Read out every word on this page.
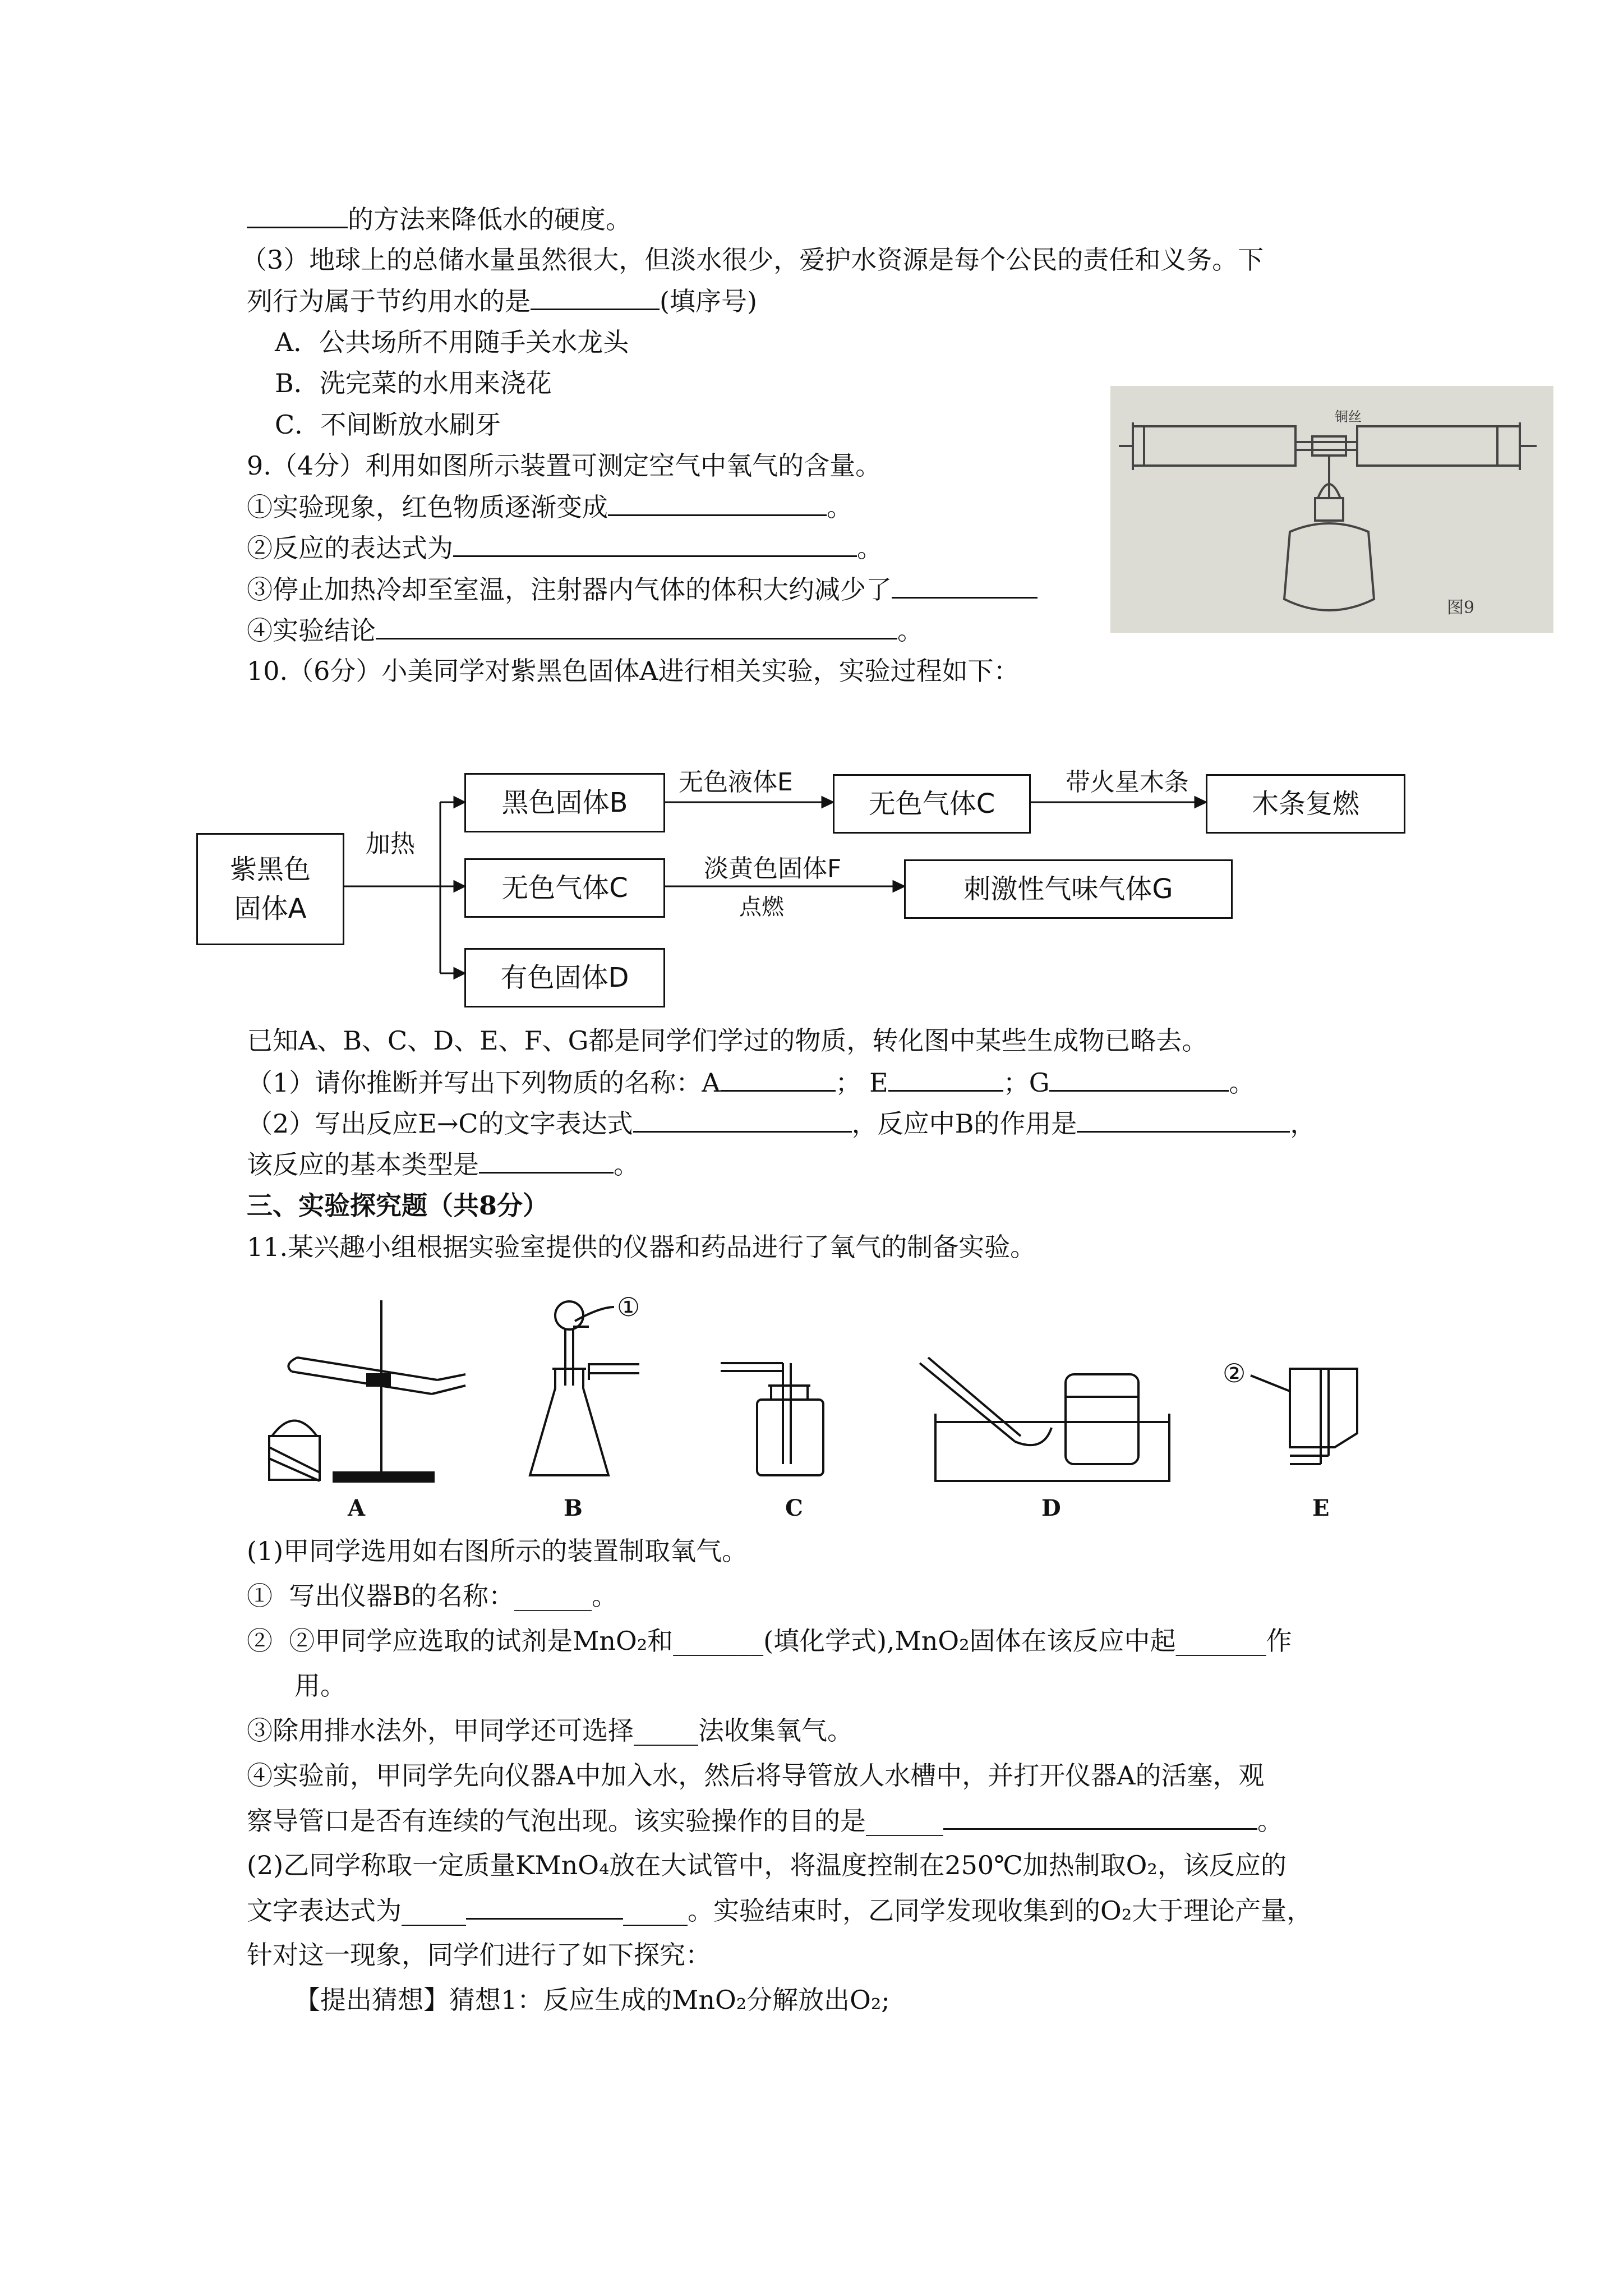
的方法来降低水的硬度。
（3）地球上的总储水量虽然很大，但淡水很少，爱护水资源是每个公民的责任和义务。下
列行为属于节约用水的是	(填序号)
A．公共场所不用随手关水龙头
B．洗完菜的水用来浇花
C．不间断放水刷牙
9.（4分）利用如图所示装置可测定空气中氧气的含量。
①实验现象，红色物质逐渐变成	。
②反应的表达式为	。
③停止加热冷却至室温，注射器内气体的体积大约减少了
④实验结论	。
铜丝
图9
10.（6分）小美同学对紫黑色固体A进行相关实验，实验过程如下：
紫黑色
固体A
加热
黑色固体B
无色液体E
无色气体C
带火星木条
木条复燃
无色气体C
淡黄色固体F
点燃
刺激性气味气体G
有色固体D
已知A、B、C、D、E、F、G都是同学们学过的物质，转化图中某些生成物已略去。
（1）请你推断并写出下列物质的名称：A	； E	；G	。
（2）写出反应E→C的文字表达式	，反应中B的作用是	，
该反应的基本类型是	。
三、实验探究题（共8分）
11.某兴趣小组根据实验室提供的仪器和药品进行了氧气的制备实验。
①
②
A	B	C	D	E
(1)甲同学选用如右图所示的装置制取氧气。
① 写出仪器B的名称：______。
② ②甲同学应选取的试剂是MnO₂和_______(填化学式),MnO₂固体在该反应中起_______作
用。
③除用排水法外，甲同学还可选择_____法收集氧气。
④实验前，甲同学先向仪器A中加入水，然后将导管放人水槽中，并打开仪器A的活塞，观
察导管口是否有连续的气泡出现。该实验操作的目的是______	。
(2)乙同学称取一定质量KMnO₄放在大试管中，将温度控制在250℃加热制取O₂，该反应的
文字表达式为_____	_____。实验结束时，乙同学发现收集到的O₂大于理论产量，
针对这一现象，同学们进行了如下探究：
【提出猜想】猜想1：反应生成的MnO₂分解放出O₂;
